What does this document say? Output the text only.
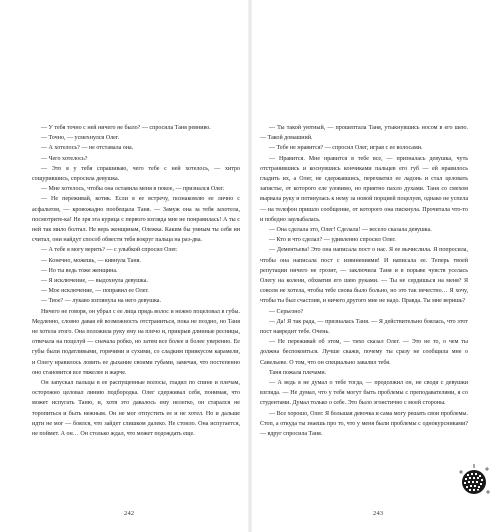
— У тебя точно с ней ничего не было? — спросила Таня ревниво.

— Точно, — усмехнулся Олег.

— А хотелось? — не отставала она.

— Чего хотелось?

— Это я у тебя спрашиваю, чего тебе с ней хотелось, — хитро сощурившись, спросила девушка.

— Мне хотелось, чтобы она оставила меня в покое, — признался Олег.

— Не переживай, котик. Если я ее встречу, познакомлю ее лично с асфальтом, — кровожадно пообещала Таня. — Замуж она за тебя захотела, посмотрите-ка! Не зря эта курица с первого взгляда мне не понравилась! А ты с ней так мило болтал. Не верь женщинам, Олежка. Каким бы умным ты себя ни считал, они найдут способ обвести тебя вокруг пальца на раз-два.

— А тебе я могу верить? — с улыбкой спросил Олег.

— Конечно, можешь, — кивнула Таня.

— Но ты ведь тоже женщина.

— Я исключение, — выдохнула девушка.

— Мое исключение, — поправил ее Олег.

— Твое? — лукаво взглянула на него девушка.

Ничего не говоря, он убрал с ее лица прядь волос и нежно поцеловал в губы. Медленно, словно давая ей возможность отстраниться, пока не поздно, но Таня не хотела этого. Она положила руку ему на плечо и, прикрыв длинные ресницы, отвечала на поцелуй — сначала робко, но затем все более и более уверенно. Ее губы были податливыми, горячими и сухими, со сладким привкусом карамели, и Олегу нравилось ловить ее дыхание своими губами, замечая, что постепенно оно становится все тяжелее и жарче.

Он запускал пальцы в ее распущенные волосы, гладил по спине и плечам, осторожно целовал линию подбородка. Олег сдерживал себя, понимая, что может испугать Таню, и, хотя это давалось ему нелегко, он старался не торопиться и быть нежным. Он не мог отпустить ее и не хотел. Но и дальше идти не мог — боялся, что зайдет слишком далеко. Не стоило. Она испугается, не поймет. А он… Он столько ждал, что может подождать еще.

— Ты такой уютный, — прошептала Таня, утыкнувшись носом в его шею. — Такой домашний.

— Тебе не нравится? — спросил Олег, играя с ее волосами.

— Нравится. Мне нравится в тебе все, — призналась девушка, чуть отстранившись и коснувшись кончиками пальцев его губ — ей нравилось гладить их, а Олег, не сдержавшись, перехватил ее ладонь и стал целовать запястье, от которого еле уловимо, но приятно пахло духами. Таня со смехом вырвала руку и потянулась к нему за новой порцией поцелуев, однако не успела — на телефон пришло сообщение, от которого она пискнула. Прочитала что-то и победно заулыбалась.

— Она сделала это, Олег! Сделала! — весело сказала девушка.

— Кто и что сделал? — удивленно спросил Олег.

— Дементьева! Это она написала пост о нас. Я ее вычислила. Я попросила, чтобы она написала пост с извинениями! И написала ее. Теперь твоей репутации ничего не грозит, — заключила Таня и в порыве чувств уселась Олегу на колени, обхватив его шею руками. — Ты не сердишься на меня? Я совсем не хотела, чтобы тебе снова было больно, но это так нечестно… Я хочу, чтобы ты был счастлив, и ничего другого мне не надо. Правда. Ты мне веришь?

— Серьезно?

— Да! Я так рада, — призналась Таня. — Я действительно боялась, что этот пост навредит тебе. Очень.

— Не переживай об этом, — тихо сказал Олег. — Это не то, о чем ты должна беспокоиться. Лучше скажи, почему ты сразу не сообщила мне о Савельеве. О том, что он специально завалил тебя.

Таня пожала плечами.

— А ведь я не думал о тебе тогда, — продолжил он, не сводя с девушки взгляда. — Не думал, что у тебя могут быть проблемы с преподавателями, я со студентами. Думал только о себе. Это было эгоистично с моей стороны.

— Все хорошо, Олег. Я большая девочка и сама могу решать свои проблемы. Стоп, а откуда ты знаешь про то, что у меня были проблемы с однокурсниками? — вдруг спросила Таня.

242	243
